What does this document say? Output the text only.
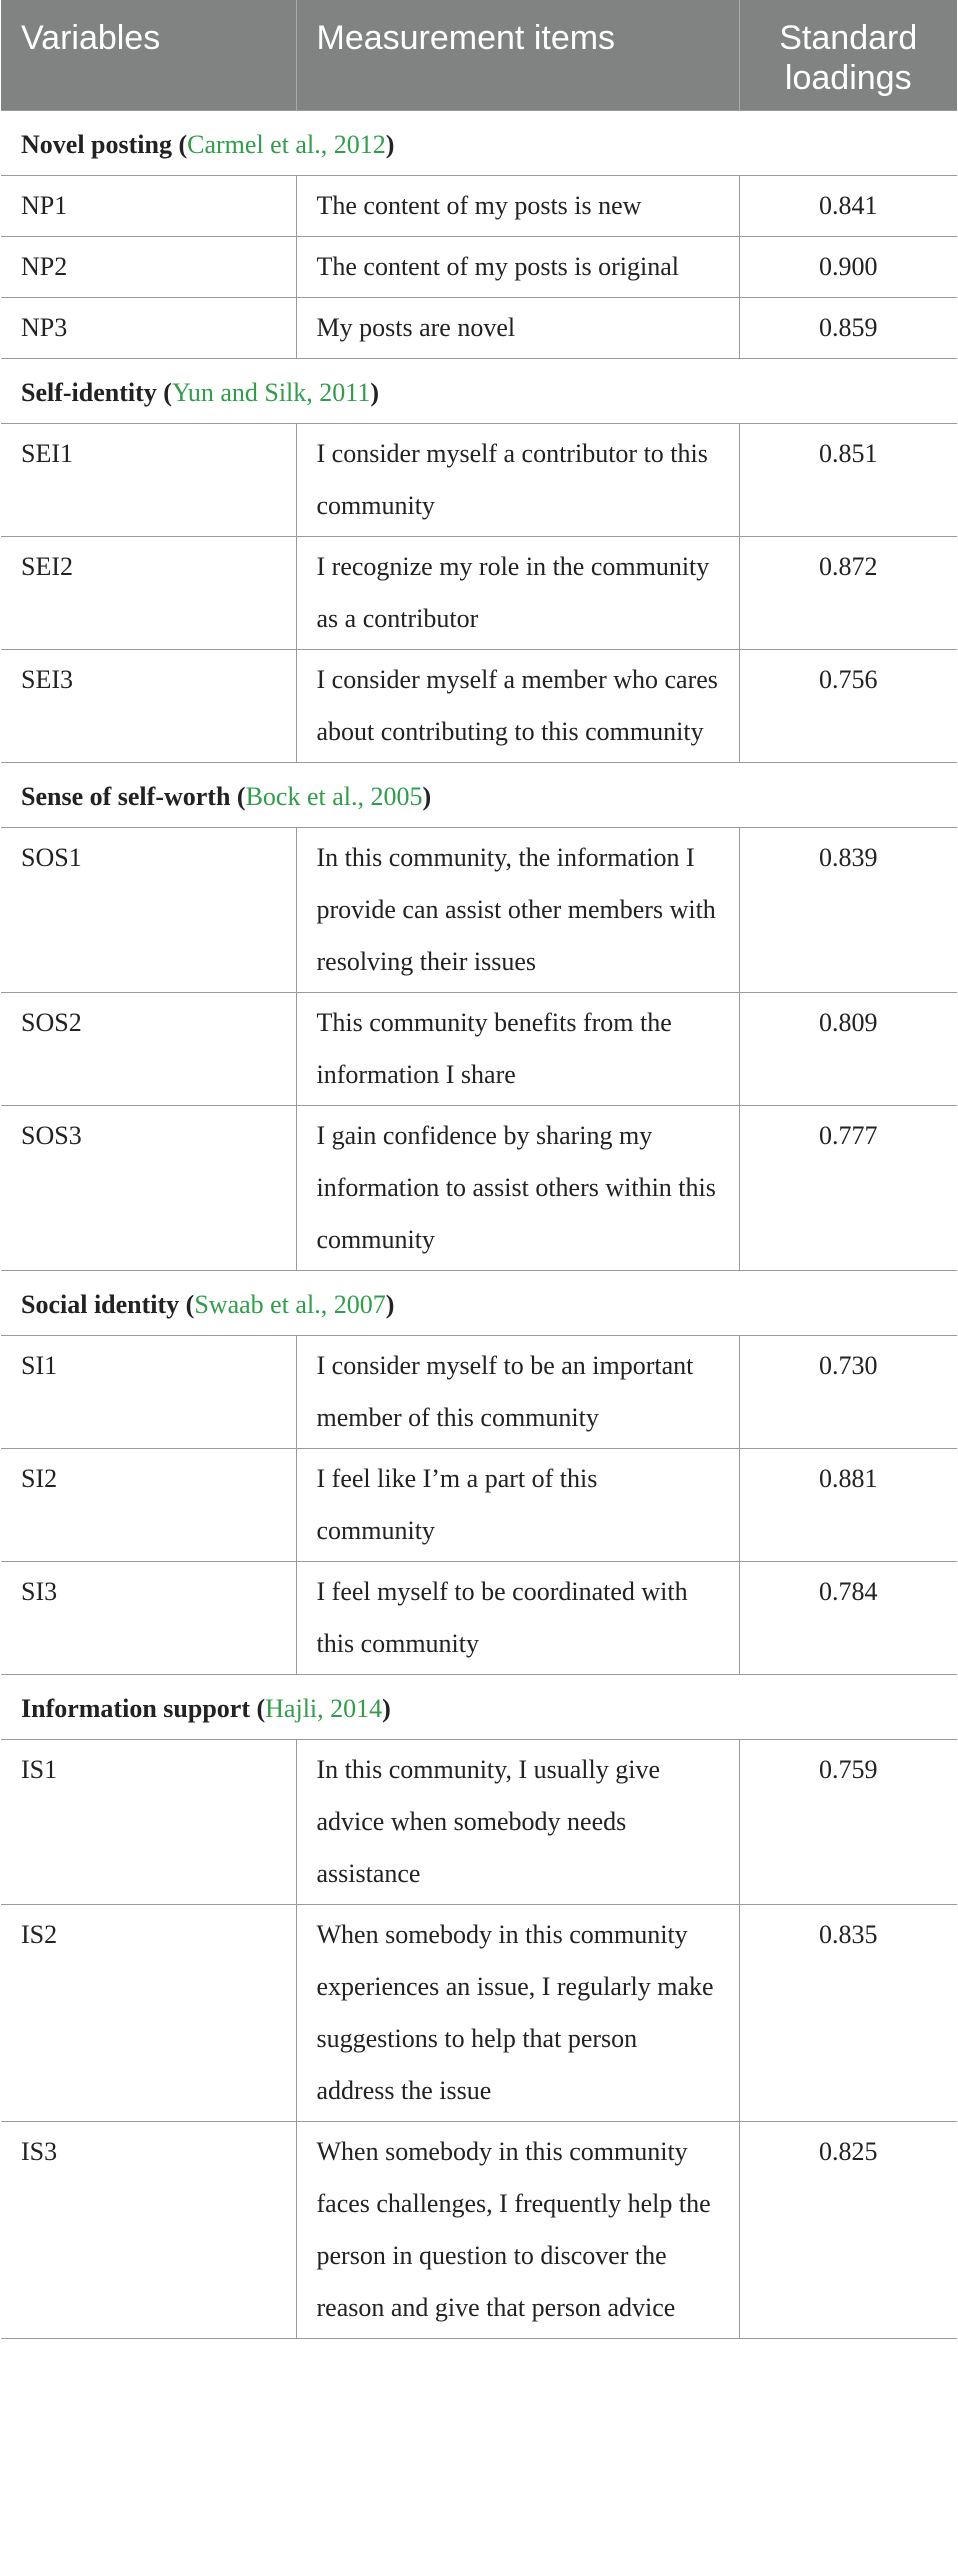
Variables	Measurement items	Standard
loadings
Novel posting (Carmel et al., 2012)		
NP1	The content of my posts is new	0.841
NP2	The content of my posts is original	0.900
NP3	My posts are novel	0.859
Self-identity (Yun and Silk, 2011)		
SEI1	I consider myself a contributor to this community	0.851
SEI2	I recognize my role in the community as a contributor	0.872
SEI3	I consider myself a member who cares about contributing to this community	0.756
Sense of self-worth (Bock et al., 2005)		
SOS1	In this community, the information I provide can assist other members with resolving their issues	0.839
SOS2	This community benefits from the information I share	0.809
SOS3	I gain confidence by sharing my information to assist others within this community	0.777
Social identity (Swaab et al., 2007)		
SI1	I consider myself to be an important member of this community	0.730
SI2	I feel like I’m a part of this community	0.881
SI3	I feel myself to be coordinated with this community	0.784
Information support (Hajli, 2014)		
IS1	In this community, I usually give advice when somebody needs assistance	0.759
IS2	When somebody in this community experiences an issue, I regularly make suggestions to help that person address the issue	0.835
IS3	When somebody in this community faces challenges, I frequently help the person in question to discover the reason and give that person advice	0.825
